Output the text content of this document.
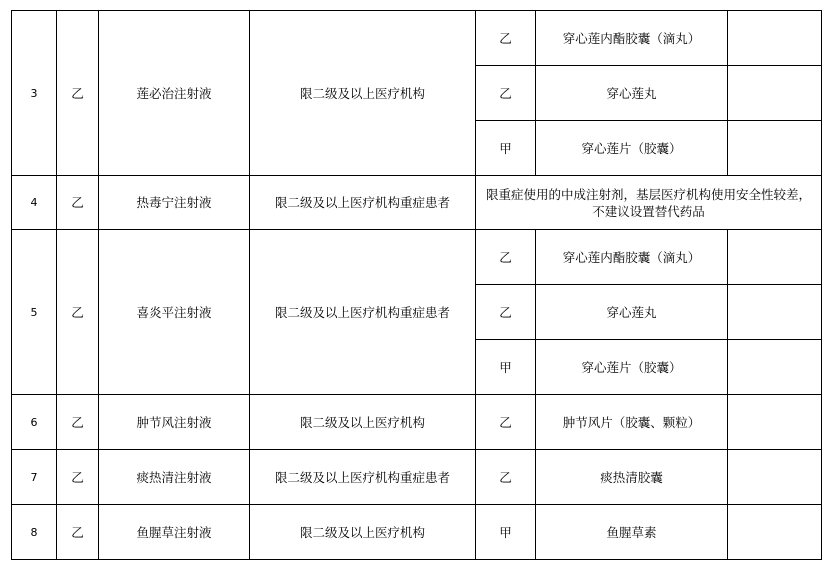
3	乙	莲必治注射液	限二级及以上医疗机构	乙	穿心莲内酯胶囊（滴丸）	
				乙	穿心莲丸	
				甲	穿心莲片（胶囊）	
4	乙	热毒宁注射液	限二级及以上医疗机构重症患者	限重症使用的中成注射剂，基层医疗机构使用安全性较差，不建议设置替代药品		
5	乙	喜炎平注射液	限二级及以上医疗机构重症患者	乙	穿心莲内酯胶囊（滴丸）	
				乙	穿心莲丸	
				甲	穿心莲片（胶囊）	
6	乙	肿节风注射液	限二级及以上医疗机构	乙	肿节风片（胶囊、颗粒）	
7	乙	痰热清注射液	限二级及以上医疗机构重症患者	乙	痰热清胶囊	
8	乙	鱼腥草注射液	限二级及以上医疗机构	甲	鱼腥草素	
